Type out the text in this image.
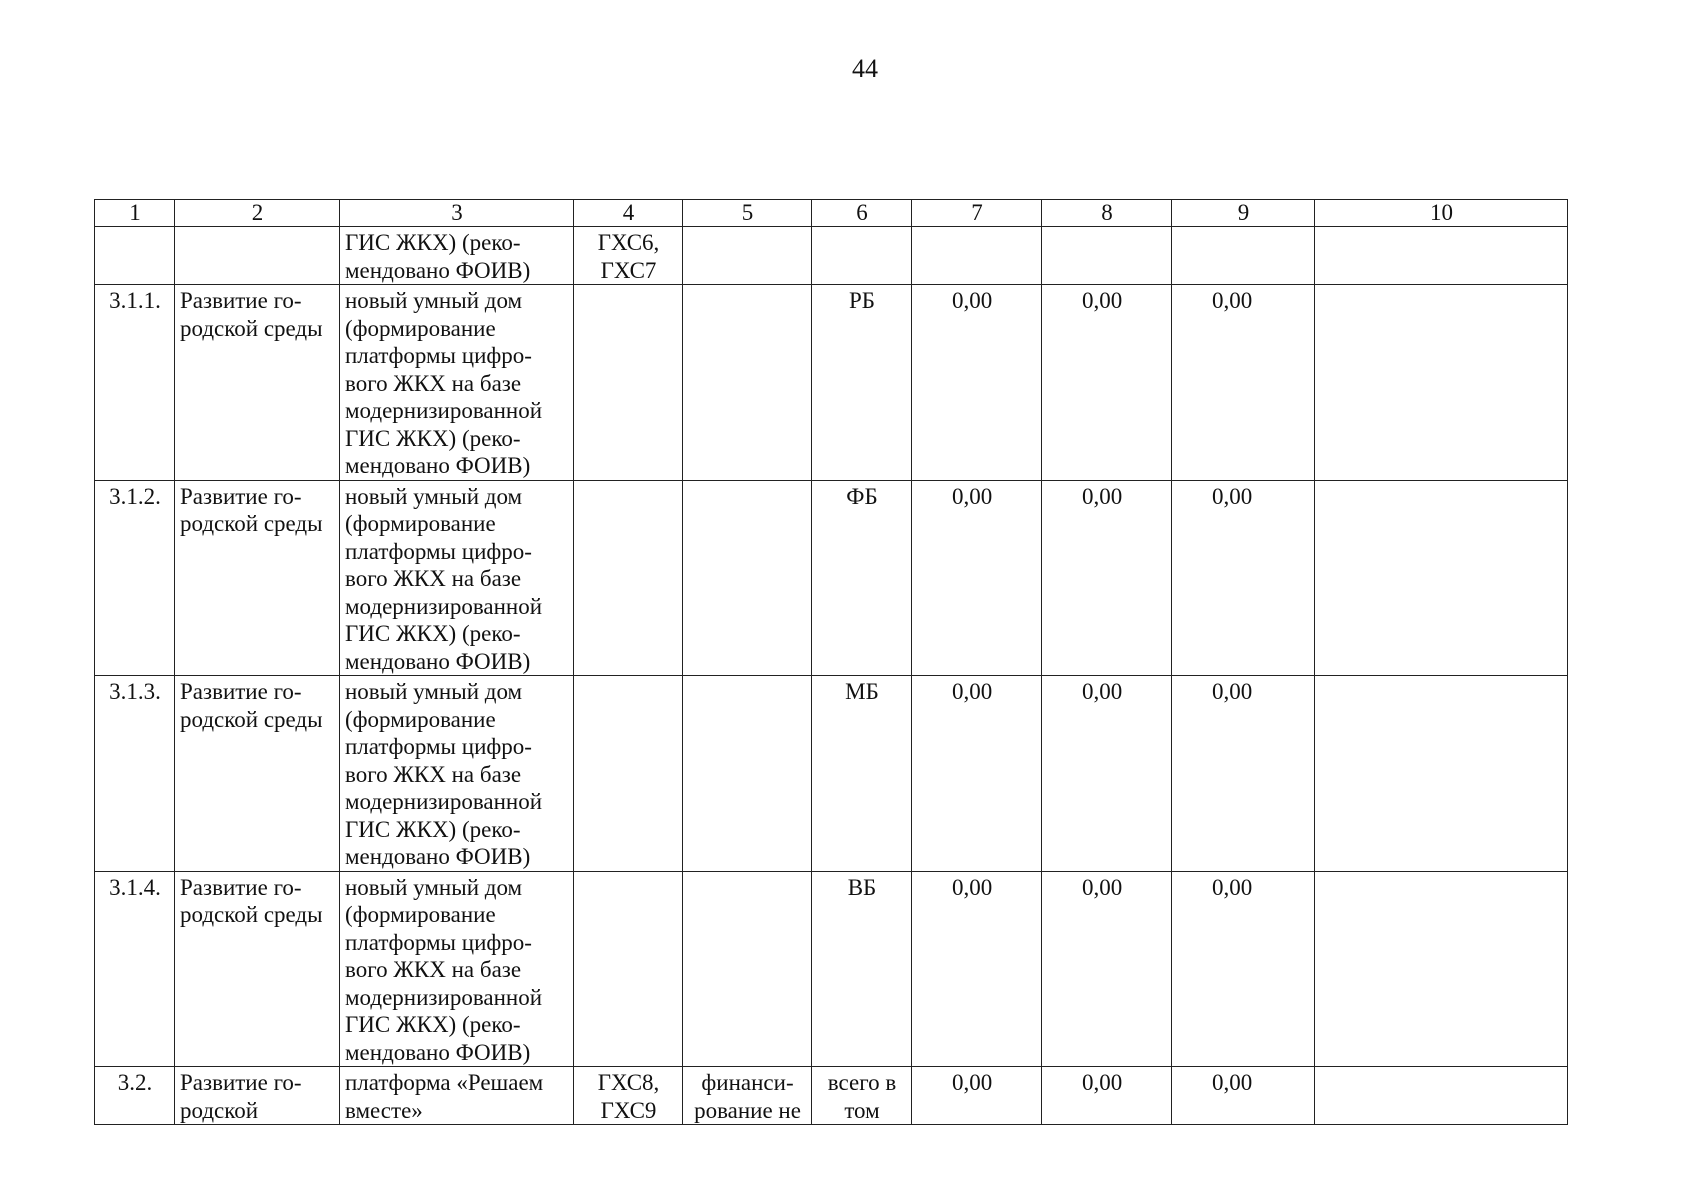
44
1	2	3	4	5	6	7	8	9	10
		ГИС ЖКХ) (реко-мендовано ФОИВ)	ГХС6, ГХС7						
3.1.1.	Развитие го-родской среды	новый умный дом (формирование платформы цифро-вого ЖКХ на базе модернизированной ГИС ЖКХ) (реко-мендовано ФОИВ)			РБ	0,00	0,00	0,00	
3.1.2.	Развитие го-родской среды	новый умный дом (формирование платформы цифро-вого ЖКХ на базе модернизированной ГИС ЖКХ) (реко-мендовано ФОИВ)			ФБ	0,00	0,00	0,00	
3.1.3.	Развитие го-родской среды	новый умный дом (формирование платформы цифро-вого ЖКХ на базе модернизированной ГИС ЖКХ) (реко-мендовано ФОИВ)			МБ	0,00	0,00	0,00	
3.1.4.	Развитие го-родской среды	новый умный дом (формирование платформы цифро-вого ЖКХ на базе модернизированной ГИС ЖКХ) (реко-мендовано ФОИВ)			ВБ	0,00	0,00	0,00	
3.2.	Развитие го-родской	платформа «Решаем вместе»	ГХС8, ГХС9	финанси-рование не	всего в том	0,00	0,00	0,00	
